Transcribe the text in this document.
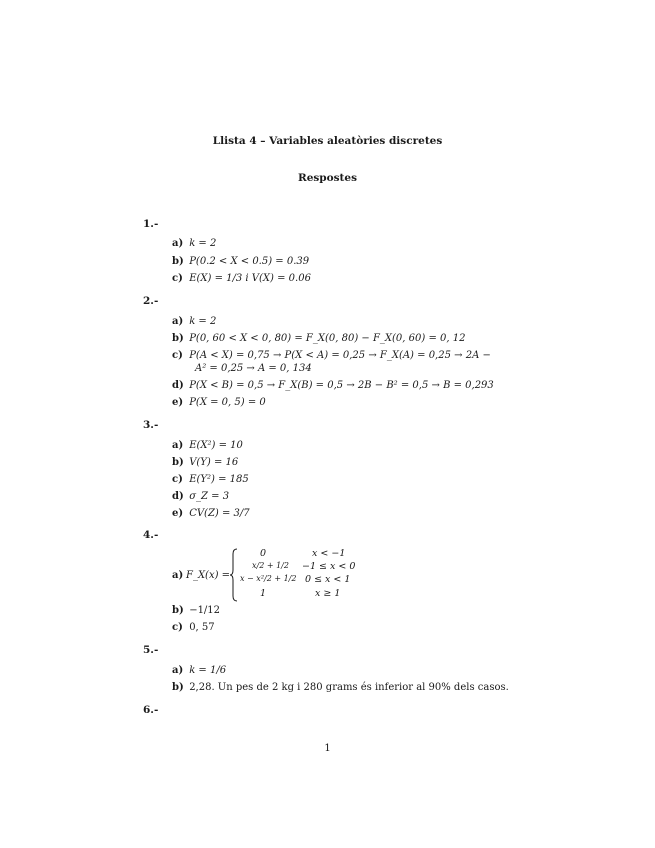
Llista 4 – Variables aleatòries discretes
Respostes
1.-
a) k = 2
b) P(0.2 < X < 0.5) = 0.39
c) E(X) = 1/3 i V(X) = 0.06
2.-
a) k = 2
b) P(0, 60 < X < 0, 80) = F_X(0, 80) − F_X(0, 60) = 0, 12
c) P(A < X) = 0,75 → P(X < A) = 0,25 → F_X(A) = 0,25 → 2A −
A² = 0,25 → A = 0, 134
d) P(X < B) = 0,5 → F_X(B) = 0,5 → 2B − B² = 0,5 → B = 0,293
e) P(X = 0, 5) = 0
3.-
a) E(X²) = 10
b) V(Y) = 16
c) E(Y²) = 185
d) σ_Z = 3
e) CV(Z) = 3/7
4.-
a) F_X(x) =
0	x < −1
x/2 + 1/2 −1 ≤ x < 0
x − x²/2 + 1/2 0 ≤ x < 1
1	x ≥ 1
b) −1/12
c) 0, 57
5.-
a) k = 1/6
b) 2,28. Un pes de 2 kg i 280 grams és inferior al 90% dels casos.
6.-
1
